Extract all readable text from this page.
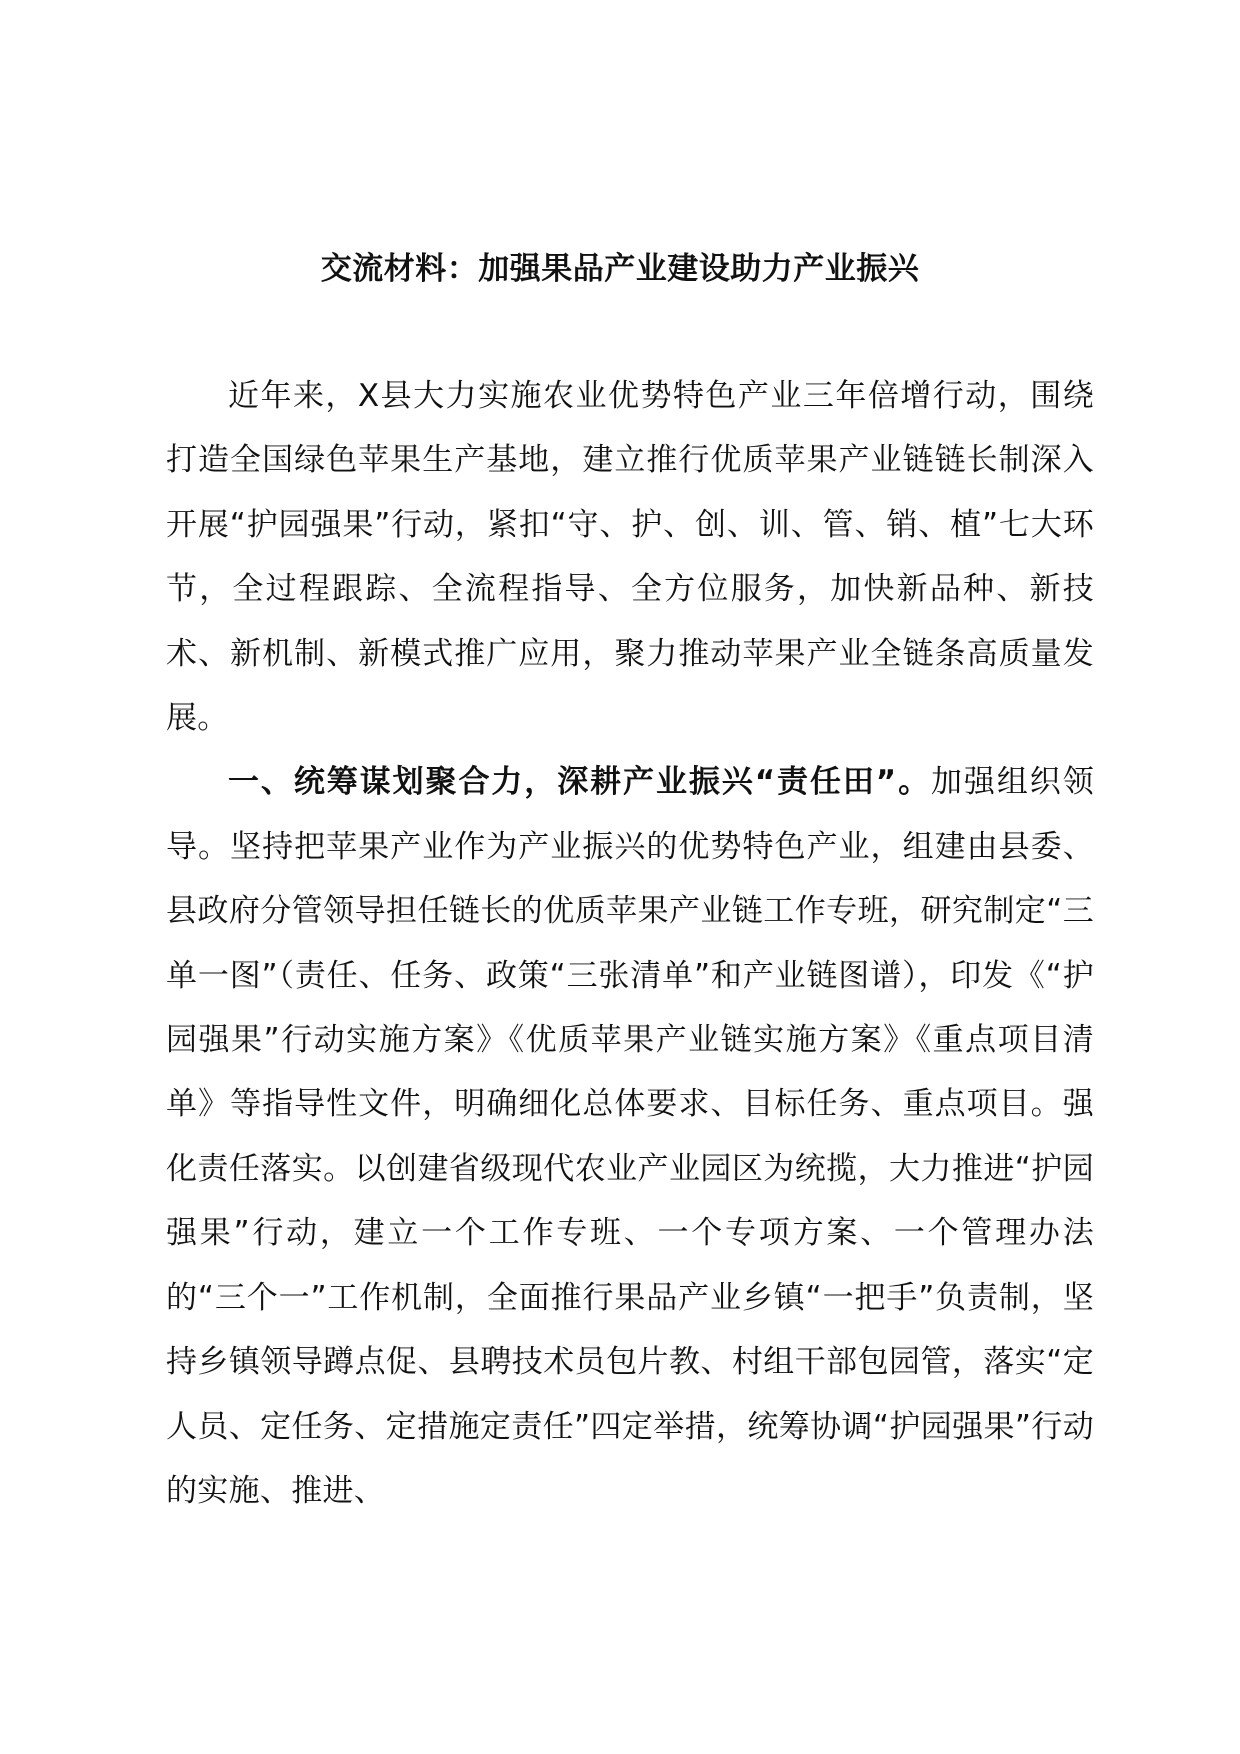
交流材料：加强果品产业建设助力产业振兴

近年来，X县大力实施农业优势特色产业三年倍增行动，围绕打造全国绿色苹果生产基地，建立推行优质苹果产业链链长制深入开展“护园强果”行动，紧扣“守、护、创、训、管、销、植”七大环节，全过程跟踪、全流程指导、全方位服务，加快新品种、新技术、新机制、新模式推广应用，聚力推动苹果产业全链条高质量发展。

一、统筹谋划聚合力，深耕产业振兴“责任田”。加强组织领导。坚持把苹果产业作为产业振兴的优势特色产业，组建由县委、县政府分管领导担任链长的优质苹果产业链工作专班，研究制定“三单一图”（责任、任务、政策“三张清单”和产业链图谱），印发《“护园强果”行动实施方案》《优质苹果产业链实施方案》《重点项目清单》等指导性文件，明确细化总体要求、目标任务、重点项目。强化责任落实。以创建省级现代农业产业园区为统揽，大力推进“护园强果”行动，建立一个工作专班、一个专项方案、一个管理办法的“三个一”工作机制，全面推行果品产业乡镇“一把手”负责制，坚持乡镇领导蹲点促、县聘技术员包片教、村组干部包园管，落实“定人员、定任务、定措施定责任”四定举措，统筹协调“护园强果”行动的实施、推进、
